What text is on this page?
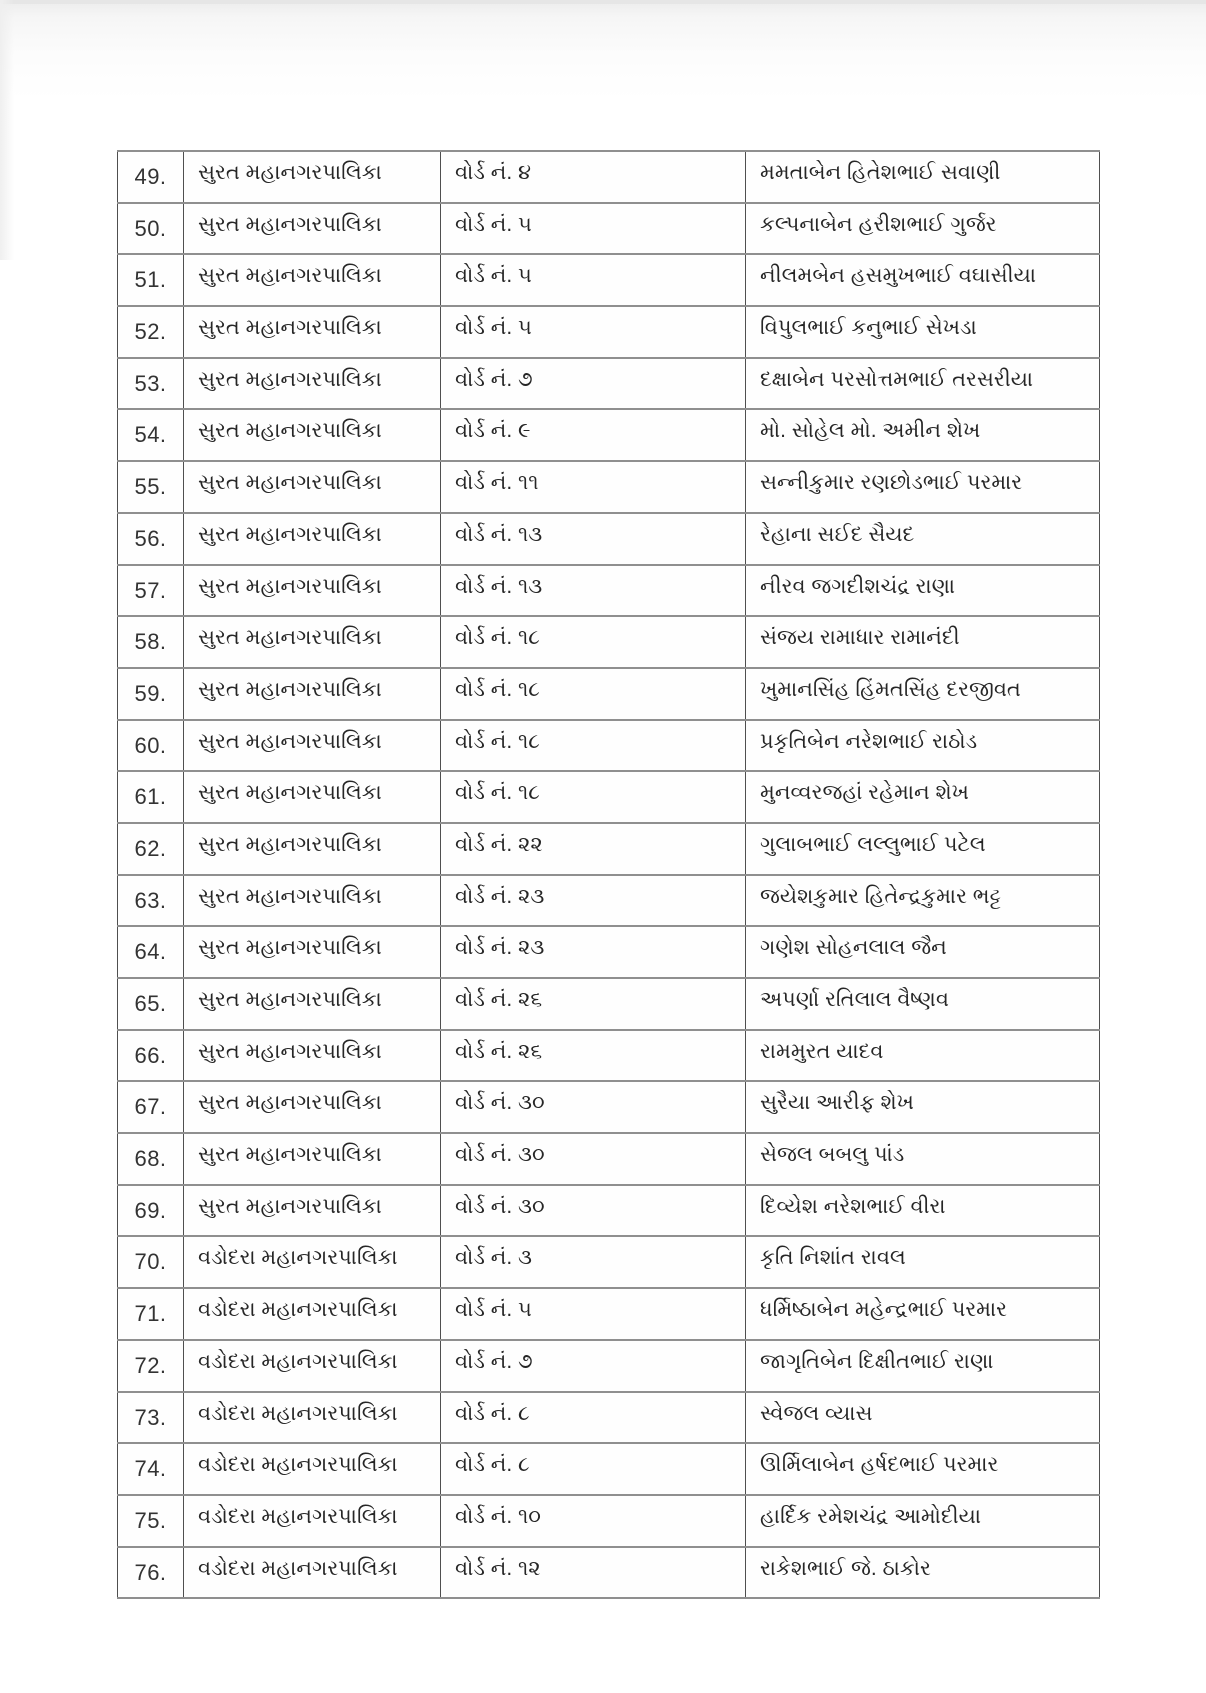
49.	સુરત મહાનગરપાલિકા	વોર્ડ નં. ૪	મમતાબેન હિતેશભાઈ સવાણી
50.	સુરત મહાનગરપાલિકા	વોર્ડ નં. ૫	કલ્પનાબેન હરીશભાઈ ગુર્જર
51.	સુરત મહાનગરપાલિકા	વોર્ડ નં. ૫	નીલમબેન હસમુખભાઈ વઘાસીયા
52.	સુરત મહાનગરપાલિકા	વોર્ડ નં. ૫	વિપુલભાઈ કનુભાઈ સેખડા
53.	સુરત મહાનગરપાલિકા	વોર્ડ નં. ૭	દક્ષાબેન પરસોત્તમભાઈ તરસરીયા
54.	સુરત મહાનગરપાલિકા	વોર્ડ નં. ૯	મો. સોહેલ મો. અમીન શેખ
55.	સુરત મહાનગરપાલિકા	વોર્ડ નં. ૧૧	સન્નીકુમાર રણછોડભાઈ પરમાર
56.	સુરત મહાનગરપાલિકા	વોર્ડ નં. ૧૩	રેહાના સઈદ સૈયદ
57.	સુરત મહાનગરપાલિકા	વોર્ડ નં. ૧૩	નીરવ જગદીશચંદ્ર રાણા
58.	સુરત મહાનગરપાલિકા	વોર્ડ નં. ૧૮	સંજય રામાધાર રામાનંદી
59.	સુરત મહાનગરપાલિકા	વોર્ડ નં. ૧૮	ખુમાનસિંહ હિંમતસિંહ દરજીવત
60.	સુરત મહાનગરપાલિકા	વોર્ડ નં. ૧૮	પ્રકૃતિબેન નરેશભાઈ રાઠોડ
61.	સુરત મહાનગરપાલિકા	વોર્ડ નં. ૧૮	મુનવ્વરજહાં રહેમાન શેખ
62.	સુરત મહાનગરપાલિકા	વોર્ડ નં. ૨૨	ગુલાબભાઈ લલ્લુભાઈ પટેલ
63.	સુરત મહાનગરપાલિકા	વોર્ડ નં. ૨૩	જયેશકુમાર હિતેન્દ્રકુમાર ભટ્ટ
64.	સુરત મહાનગરપાલિકા	વોર્ડ નં. ૨૩	ગણેશ સોહનલાલ જૈન
65.	સુરત મહાનગરપાલિકા	વોર્ડ નં. ૨૬	અપર્ણા રતિલાલ વૈષ્ણવ
66.	સુરત મહાનગરપાલિકા	વોર્ડ નં. ૨૬	રામમુરત યાદવ
67.	સુરત મહાનગરપાલિકા	વોર્ડ નં. ૩૦	સુરૈયા આરીફ શેખ
68.	સુરત મહાનગરપાલિકા	વોર્ડ નં. ૩૦	સેજલ બબલુ પાંડ
69.	સુરત મહાનગરપાલિકા	વોર્ડ નં. ૩૦	દિવ્યેશ નરેશભાઈ વીરા
70.	વડોદરા મહાનગરપાલિકા	વોર્ડ નં. ૩	કૃતિ નિશાંત રાવલ
71.	વડોદરા મહાનગરપાલિકા	વોર્ડ નં. ૫	ધર્મિષ્ઠાબેન મહેન્દ્રભાઈ પરમાર
72.	વડોદરા મહાનગરપાલિકા	વોર્ડ નં. ૭	જાગૃતિબેન દિક્ષીતભાઈ રાણા
73.	વડોદરા મહાનગરપાલિકા	વોર્ડ નં. ૮	સ્વેજલ વ્યાસ
74.	વડોદરા મહાનગરપાલિકા	વોર્ડ નં. ૮	ઊર્મિલાબેન હર્ષદભાઈ પરમાર
75.	વડોદરા મહાનગરપાલિકા	વોર્ડ નં. ૧૦	હાર્દિક રમેશચંદ્ર આમોદીયા
76.	વડોદરા મહાનગરપાલિકા	વોર્ડ નં. ૧૨	રાકેશભાઈ જે. ઠાકોર
